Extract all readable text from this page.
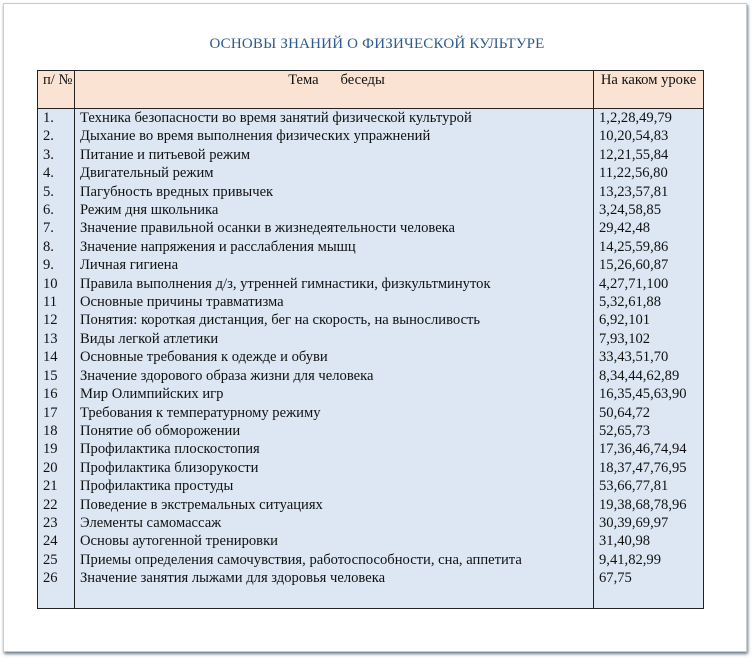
ОСНОВЫ ЗНАНИЙ О ФИЗИЧЕСКОЙ КУЛЬТУРЕ
п/ №	Тема      беседы	На каком уроке
1.	Техника безопасности во время занятий физической культурой	1,2,28,49,79
2.	Дыхание во время выполнения физических упражнений	10,20,54,83
3.	Питание и питьевой режим	12,21,55,84
4.	Двигательный режим	11,22,56,80
5.	Пагубность вредных привычек	13,23,57,81
6.	Режим дня школьника	3,24,58,85
7.	Значение правильной осанки в жизнедеятельности человека	29,42,48
8.	Значение напряжения и расслабления мышц	14,25,59,86
9.	Личная гигиена	15,26,60,87
10	Правила выполнения д/з, утренней гимнастики, физкультминуток	4,27,71,100
11	Основные причины травматизма	5,32,61,88
12	Понятия: короткая дистанция, бег на скорость, на выносливость	6,92,101
13	Виды легкой атлетики	7,93,102
14	Основные требования к одежде и обуви	33,43,51,70
15	Значение здорового образа жизни для человека	8,34,44,62,89
16	Мир Олимпийских игр	16,35,45,63,90
17	Требования к температурному режиму	50,64,72
18	Понятие об обморожении	52,65,73
19	Профилактика плоскостопия	17,36,46,74,94
20	Профилактика близорукости	18,37,47,76,95
21	Профилактика простуды	53,66,77,81
22	Поведение в экстремальных ситуациях	19,38,68,78,96
23	Элементы самомассаж	30,39,69,97
24	Основы аутогенной тренировки	31,40,98
25	Приемы определения самочувствия, работоспособности, сна, аппетита	9,41,82,99
26	Значение занятия лыжами для здоровья человека	67,75
